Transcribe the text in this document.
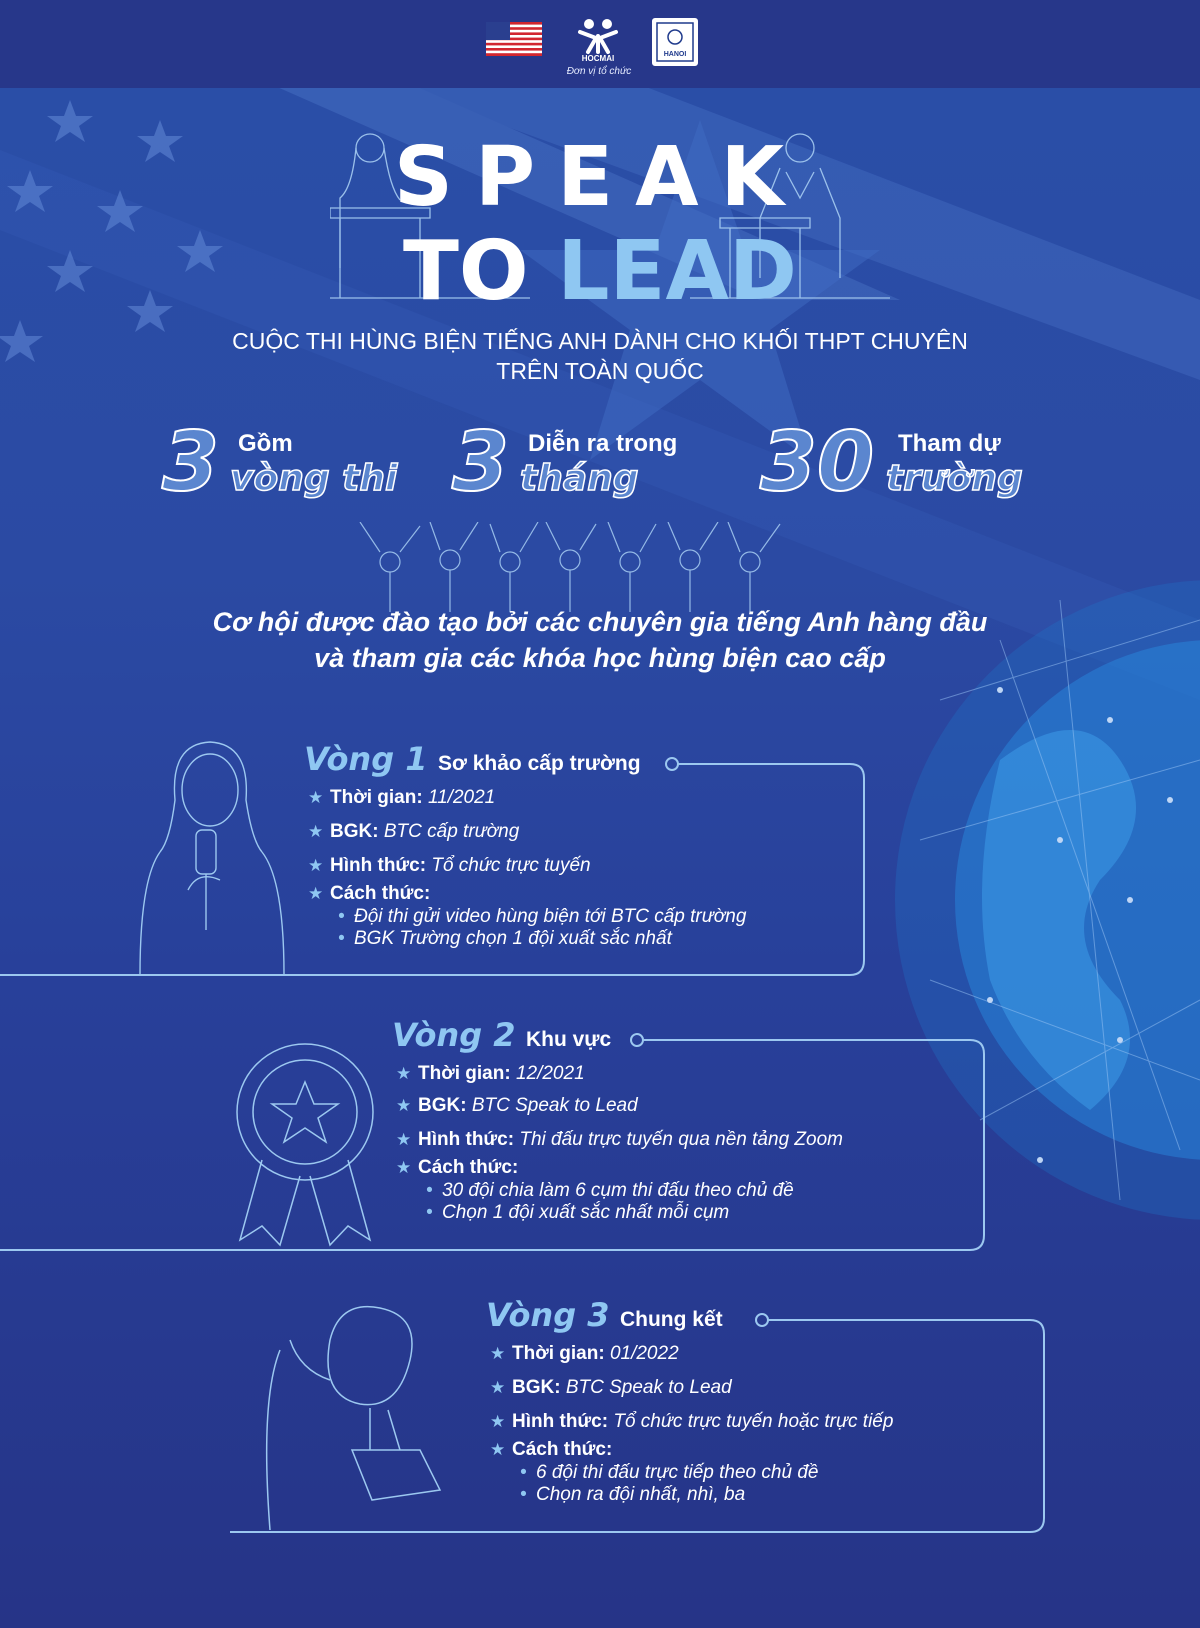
HOCMAI	HANOI
Đơn vị tổ chức
SPEAK
TO LEAD
CUỘC THI HÙNG BIỆN TIẾNG ANH DÀNH CHO KHỐI THPT CHUYÊN
TRÊN TOÀN QUỐC
3 Gồm
vòng thi 3 Diễn ra trong
tháng 30 Tham dự
trường
Cơ hội được đào tạo bởi các chuyên gia tiếng Anh hàng đầu
và tham gia các khóa học hùng biện cao cấp
Vòng 1 Sơ khảo cấp trường
★ Thời gian: 11/2021
★ BGK: BTC cấp trường
★ Hình thức: Tổ chức trực tuyến
★ Cách thức:
• Đội thi gửi video hùng biện tới BTC cấp trường
• BGK Trường chọn 1 đội xuất sắc nhất
Vòng 2 Khu vực
★ Thời gian: 12/2021
★ BGK: BTC Speak to Lead
★ Hình thức: Thi đấu trực tuyến qua nền tảng Zoom
★ Cách thức:
• 30 đội chia làm 6 cụm thi đấu theo chủ đề
• Chọn 1 đội xuất sắc nhất mỗi cụm
Vòng 3 Chung kết
★ Thời gian: 01/2022
★ BGK: BTC Speak to Lead
★ Hình thức: Tổ chức trực tuyến hoặc trực tiếp
★ Cách thức:
• 6 đội thi đấu trực tiếp theo chủ đề
• Chọn ra đội nhất, nhì, ba
